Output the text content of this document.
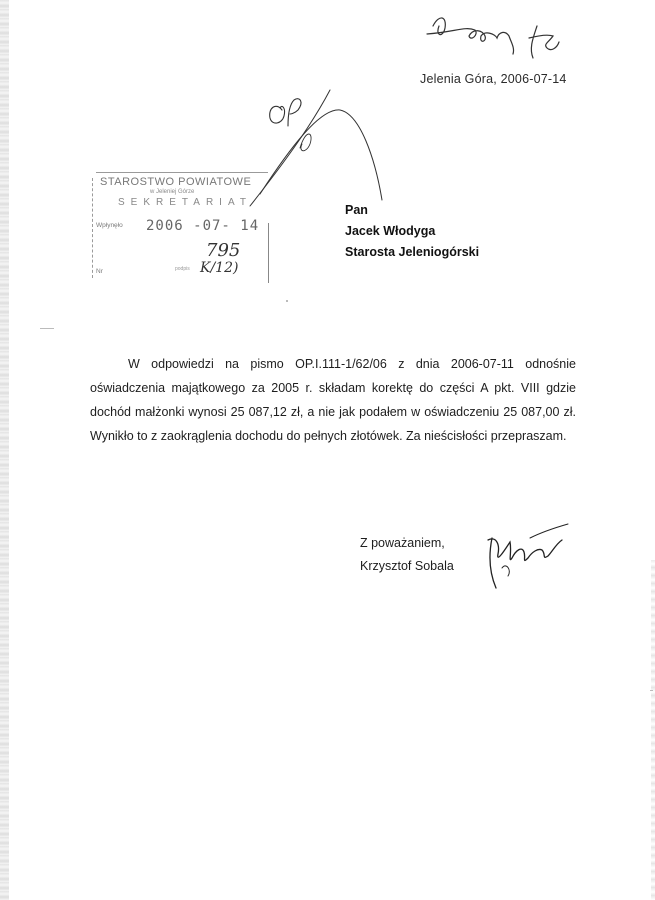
Jelenia Góra, 2006-07-14
STAROSTWO POWIATOWE
w Jeleniej Górze
SEKRETARIAT
Wpłynęło 2006 -07- 14
795
Nr	K/12)
podpis
Pan
Jacek Włodyga
Starosta Jeleniogórski
W odpowiedzi na pismo OP.I.111-1/62/06 z dnia 2006-07-11 odnośnie oświadczenia majątkowego za 2005 r. składam korektę do części A pkt. VIII gdzie dochód małżonki wynosi 25 087,12 zł, a nie jak podałem w oświadczeniu 25 087,00 zł. Wynikło to z zaokrąglenia dochodu do pełnych złotówek. Za nieścisłości przepraszam.
Z poważaniem,
Krzysztof Sobala
